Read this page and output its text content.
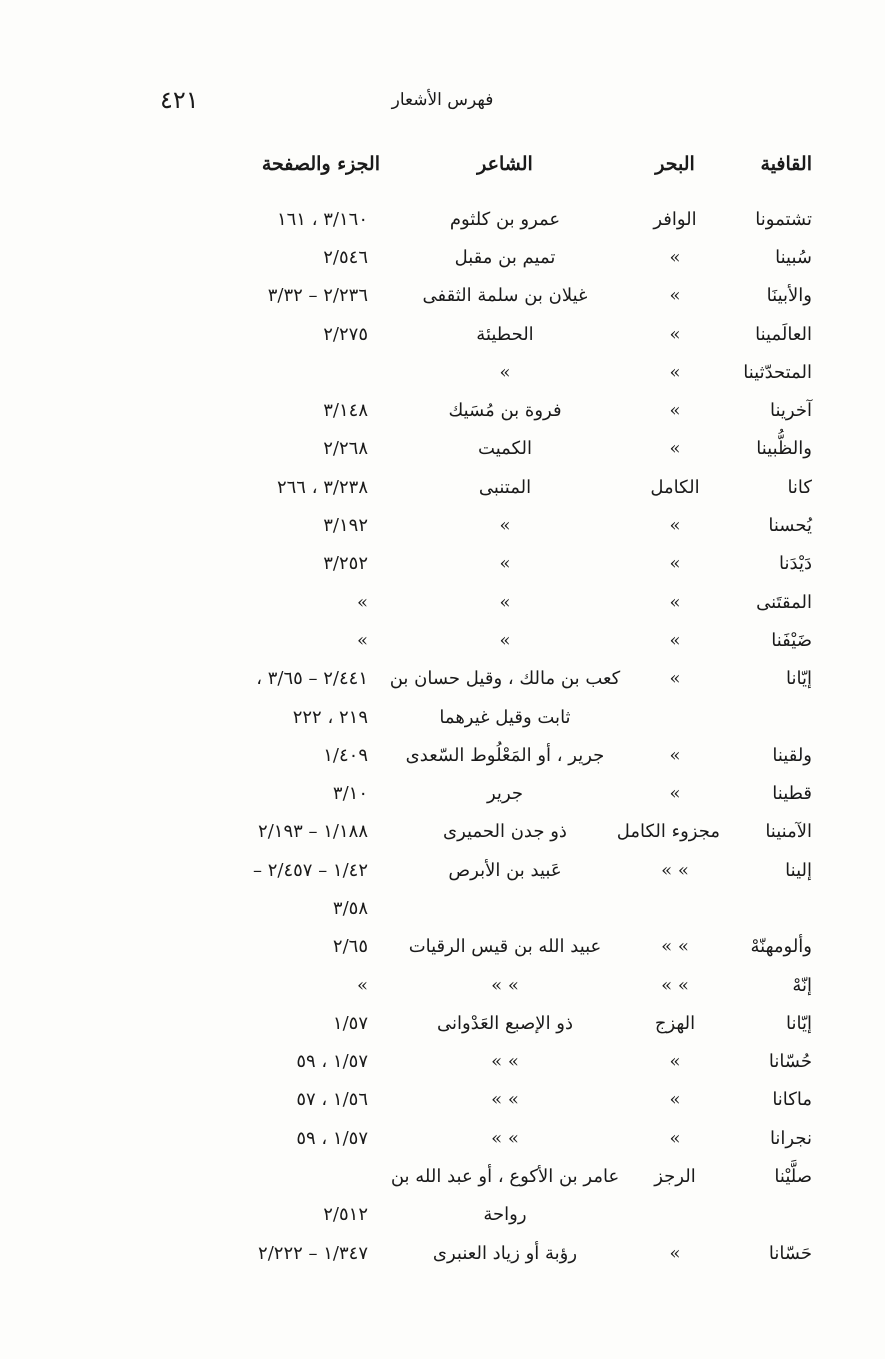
٤٢١	فهرس الأشعار
القافية
البحر
الشاعر
الجزء والصفحة
تشتمونا
الوافر
عمرو بن كلثوم
٣/١٦٠ ، ١٦١
سُبينا
»
تميم بن مقبل
٢/٥٤٦
والأبينَا
»
غيلان بن سلمة الثقفى
٢/٢٣٦ – ٣/٣٢
العالَمينا
»
الحطيئة
٢/٢٧٥
المتحدّثينا
»
»
آخرينا
»
فروة بن مُسَيك
٣/١٤٨
والظُّبينا
»
الكميت
٢/٢٦٨
كانا
الكامل
المتنبى
٣/٢٣٨ ، ٢٦٦
يُحسنا
»
»
٣/١٩٢
دَيْدَنا
»
»
٣/٢٥٢
المقتَنى
»
»
»
ضَيْفَنا
»
»
»
إيّانا
»
كعب بن مالك ، وقيل حسان بن
٢/٤٤١ – ٣/٦٥ ،
ثابت وقيل غيرهما
٢١٩ ، ٢٢٢
ولقينا
»
جرير ، أو المَعْلُوط السّعدى
١/٤٠٩
قطينا
»
جرير
٣/١٠
الآمنينا
مجزوء الكامل
ذو جدن الحميرى
١/١٨٨ – ٢/١٩٣
إلينا
» »
عَبيد بن الأبرص
١/٤٢ – ٢/٤٥٧ –
٣/٥٨
وألومهنّهْ
» »
عبيد الله بن قيس الرقيات
٢/٦٥
إنّهْ
» »
» »
»
إيّانا
الهزج
ذو الإصبع العَدْوانى
١/٥٧
حُسّانا
»
» »
١/٥٧ ، ٥٩
ماكانا
»
» »
١/٥٦ ، ٥٧
نجرانا
»
» »
١/٥٧ ، ٥٩
صلَّيْنا
الرجز
عامر بن الأكوع ، أو عبد الله بن
رواحة
٢/٥١٢
حَسّانا
»
رؤبة أو زياد العنبرى
١/٣٤٧ – ٢/٢٢٢
